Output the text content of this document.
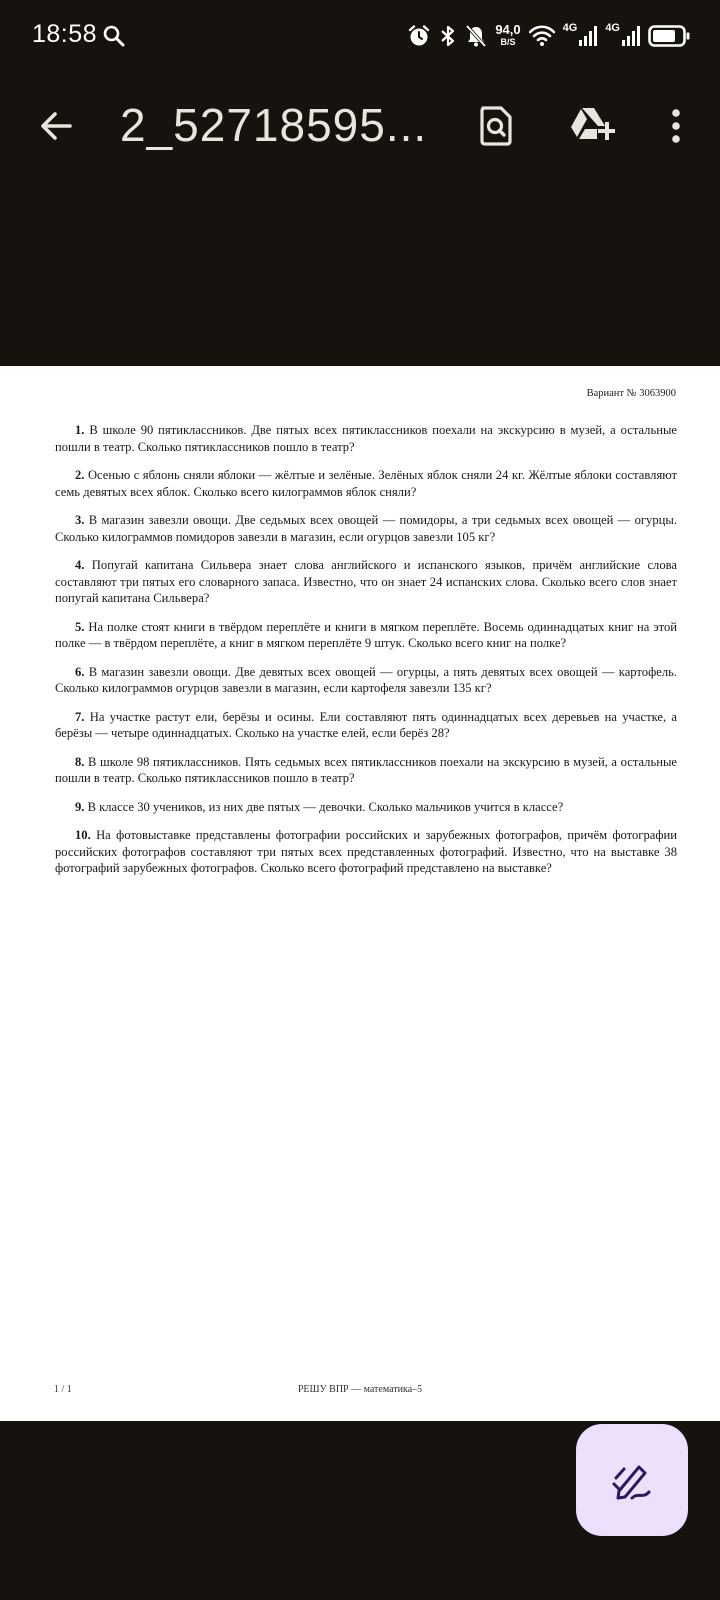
18:58	94,0
B/S
4G	4G
2_52718595...
Вариант № 3063900

1. В школе 90 пятиклассников. Две пятых всех пятиклассников поехали на экскурсию в музей, а остальные пошли в театр. Сколько пятиклассников пошло в театр?

2. Осенью с яблонь сняли яблоки — жёлтые и зелёные. Зелёных яблок сняли 24 кг. Жёлтые яблоки составляют семь девятых всех яблок. Сколько всего килограммов яблок сняли?

3. В магазин завезли овощи. Две седьмых всех овощей — помидоры, а три седьмых всех овощей — огурцы. Сколько килограммов помидоров завезли в магазин, если огурцов завезли 105 кг?

4. Попугай капитана Сильвера знает слова английского и испанского языков, причём английские слова составляют три пятых его словарного запаса. Известно, что он знает 24 испанских слова. Сколько всего слов знает попугай капитана Сильвера?

5. На полке стоят книги в твёрдом переплёте и книги в мягком переплёте. Восемь одиннадцатых книг на этой полке — в твёрдом переплёте, а книг в мягком переплёте 9 штук. Сколько всего книг на полке?

6. В магазин завезли овощи. Две девятых всех овощей — огурцы, а пять девятых всех овощей — картофель. Сколько килограммов огурцов завезли в магазин, если картофеля завезли 135 кг?

7. На участке растут ели, берёзы и осины. Ели составляют пять одиннадцатых всех деревьев на участке, а берёзы — четыре одиннадцатых. Сколько на участке елей, если берёз 28?

8. В школе 98 пятиклассников. Пять седьмых всех пятиклассников поехали на экскурсию в музей, а остальные пошли в театр. Сколько пятиклассников пошло в театр?

9. В классе 30 учеников, из них две пятых — девочки. Сколько мальчиков учится в классе?

10. На фотовыставке представлены фотографии российских и зарубежных фотографов, причём фотографии российских фотографов составляют три пятых всех представленных фотографий. Известно, что на выставке 38 фотографий зарубежных фотографов. Сколько всего фотографий представлено на выставке?

1 / 1	РЕШУ ВПР — математика–5
